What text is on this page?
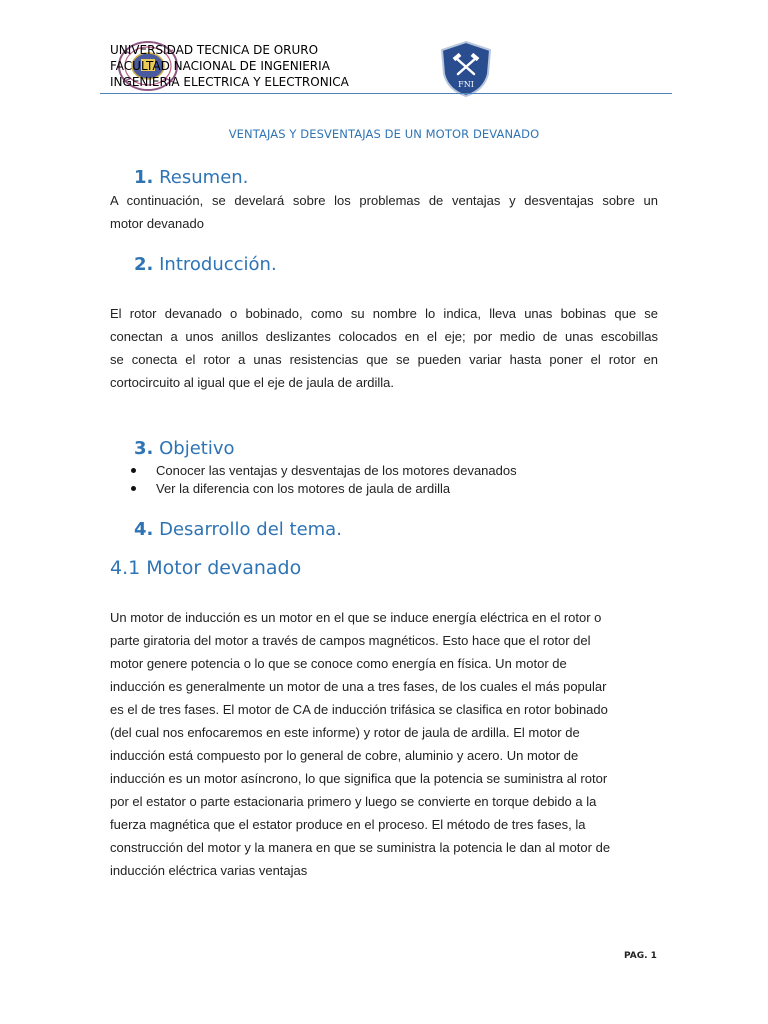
UNIVERSIDAD TECNICA DE ORURO
FACULTAD NACIONAL DE INGENIERIA
INGENIERIA ELECTRICA Y ELECTRONICA	FNI
VENTAJAS Y DESVENTAJAS DE UN MOTOR DEVANADO
1. Resumen.
A continuación, se develará sobre los problemas de ventajas y desventajas sobre un
motor devanado
2. Introducción.
El rotor devanado o bobinado, como su nombre lo indica, lleva unas bobinas que se
conectan a unos anillos deslizantes colocados en el eje; por medio de unas escobillas
se conecta el rotor a unas resistencias que se pueden variar hasta poner el rotor en
cortocircuito al igual que el eje de jaula de ardilla.
3. Objetivo
Conocer las ventajas y desventajas de los motores devanados
Ver la diferencia con los motores de jaula de ardilla
4. Desarrollo del tema.
4.1 Motor devanado
Un motor de inducción es un motor en el que se induce energía eléctrica en el rotor o
parte giratoria del motor a través de campos magnéticos. Esto hace que el rotor del
motor genere potencia o lo que se conoce como energía en física. Un motor de
inducción es generalmente un motor de una a tres fases, de los cuales el más popular
es el de tres fases. El motor de CA de inducción trifásica se clasifica en rotor bobinado
(del cual nos enfocaremos en este informe) y rotor de jaula de ardilla. El motor de
inducción está compuesto por lo general de cobre, aluminio y acero. Un motor de
inducción es un motor asíncrono, lo que significa que la potencia se suministra al rotor
por el estator o parte estacionaria primero y luego se convierte en torque debido a la
fuerza magnética que el estator produce en el proceso. El método de tres fases, la
construcción del motor y la manera en que se suministra la potencia le dan al motor de
inducción eléctrica varias ventajas
PAG. 1
